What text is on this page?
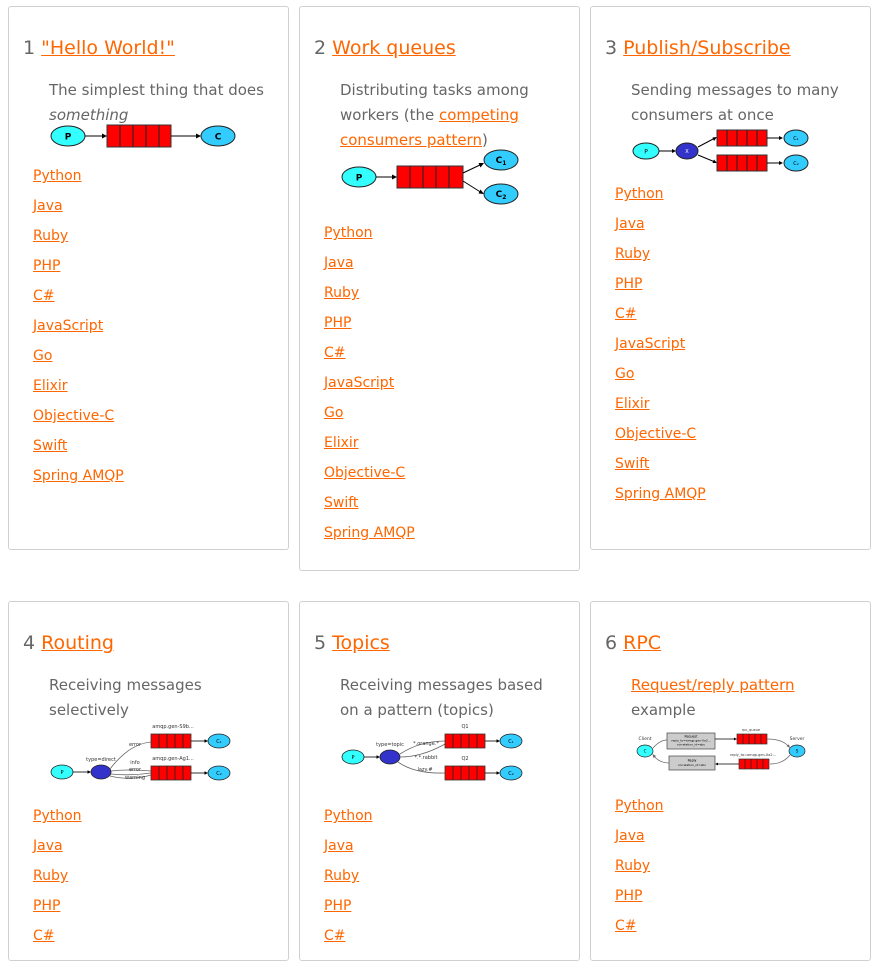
1 "Hello World!"

The simplest thing that does something

P	C
Python
Java
Ruby
PHP
C#
JavaScript
Go
Elixir
Objective-C
Swift
Spring AMQP
2 Work queues

Distributing tasks among workers (the competing consumers pattern)

P
$C_1$
$C_2$
Python
Java
Ruby
PHP
C#
JavaScript
Go
Elixir
Objective-C
Swift
Spring AMQP
3 Publish/Subscribe

Sending messages to many consumers at once

P	X
C₁
C₂
Python
Java
Ruby
PHP
C#
JavaScript
Go
Elixir
Objective-C
Swift
Spring AMQP
4 Routing

Receiving messages selectively

P
type=direct
error
info
error
warning
amqp.gen-S9b...
amqp.gen-Ag1...
C₁
C₂
Python
Java
Ruby
PHP
C#
5 Topics

Receiving messages based on a pattern (topics)

P
type=topic *.orange.*
*.*.rabbit
lazy.#
Q1
Q2
C₁
C₂
Python
Java
Ruby
PHP
C#
6 RPC

Request/reply pattern example

Client
C
Server
S
Request
reply_to=amqp.gen-Xa2...
correlation_id=abc
rpc_queue
reply_to=amqp.gen-Xa2...
Reply
correlation_id=abc
Python
Java
Ruby
PHP
C#
